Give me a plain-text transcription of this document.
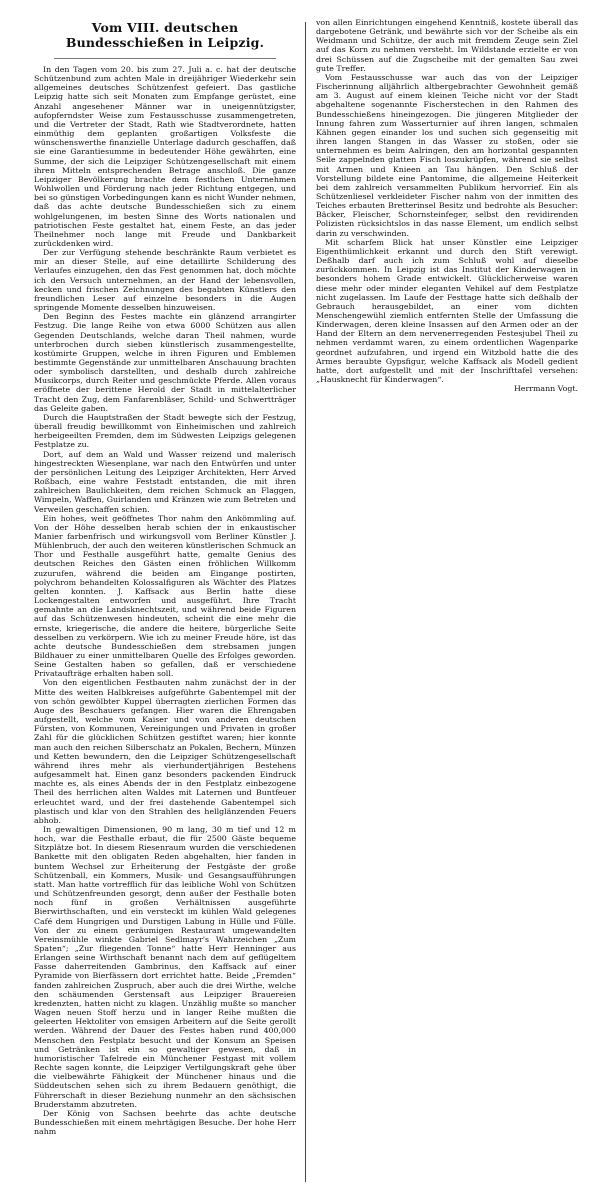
Vom VIII. deutschen Bundesschießen in Leipzig.

In den Tagen vom 20. bis zum 27. Juli a. c. hat der deutsche Schützenbund zum achten Male in dreijähriger Wiederkehr sein allgemeines deutsches Schützenfest gefeiert. Das gastliche Leipzig hatte sich seit Monaten zum Empfange gerüstet, eine Anzahl angesehener Männer war in uneigennützigster, aufopferndster Weise zum Festausschusse zusammengetreten, und die Vertreter der Stadt, Rath wie Stadtverordnete, hatten einmüthig dem geplanten großartigen Volksfeste die wünschenswerthe finanzielle Unterlage dadurch geschaffen, daß sie eine Garantiesumme in bedeutender Höhe gewährten, eine Summe, der sich die Leipziger Schützengesellschaft mit einem ihren Mitteln entsprechenden Betrage anschloß. Die ganze Leipziger Bevölkerung brachte dem festlichen Unternehmen Wohlwollen und Förderung nach jeder Richtung entgegen, und bei so günstigen Vorbedingungen kann es nicht Wunder nehmen, daß das achte deutsche Bundesschießen sich zu einem wohlgelungenen, im besten Sinne des Worts nationalen und patriotischen Feste gestaltet hat, einem Feste, an das jeder Theilnehmer noch lange mit Freude und Dankbarkeit zurückdenken wird.

Der zur Verfügung stehende beschränkte Raum verbietet es mir an dieser Stelle, auf eine detaillirte Schilderung des Verlaufes einzugehen, den das Fest genommen hat, doch möchte ich den Versuch unternehmen, an der Hand der lebensvollen, kecken und frischen Zeichnungen des begabten Künstlers den freundlichen Leser auf einzelne besonders in die Augen springende Momente desselben hinzuweisen.

Den Beginn des Festes machte ein glänzend arrangirter Festzug. Die lange Reihe von etwa 6000 Schützen aus allen Gegenden Deutschlands, welche daran Theil nahmen, wurde unterbrochen durch sieben künstlerisch zusammengestellte, kostümirte Gruppen, welche in ihren Figuren und Emblemen bestimmte Gegenstände zur unmittelbaren Anschauung brachten oder symbolisch darstellten, und deshalb durch zahlreiche Musikcorps, durch Reiter und geschmückte Pferde. Allen voraus eröffnete der berittene Herold der Stadt in mittelalterlicher Tracht den Zug, dem Fanfarenbläser, Schild- und Schwertträger das Geleite gaben.

Durch die Hauptstraßen der Stadt bewegte sich der Festzug, überall freudig bewillkommt von Einheimischen und zahlreich herbeigeeilten Fremden, dem im Südwesten Leipzigs gelegenen Festplatze zu.

Dort, auf dem an Wald und Wasser reizend und malerisch hingestreckten Wiesenplane, war nach den Entwürfen und unter der persönlichen Leitung des Leipziger Architekten, Herr Arved Roßbach, eine wahre Feststadt entstanden, die mit ihren zahlreichen Baulichkeiten, dem reichen Schmuck an Flaggen, Wimpeln, Waffen, Guirlanden und Kränzen wie zum Betreten und Verweilen geschaffen schien.

Ein hohes, weit geöffnetes Thor nahm den Ankömmling auf. Von der Höhe desselben herab schien der in enkaustischer Manier farbenfrisch und wirkungsvoll vom Berliner Künstler J. Mühlenbruch, der auch den weiteren künstlerischen Schmuck an Thor und Festhalle ausgeführt hatte, gemalte Genius des deutschen Reiches den Gästen einen fröhlichen Willkomm zuzurufen, während die beiden am Eingange postirten, polychrom behandelten Kolossalfiguren als Wächter des Platzes gelten konnten. J. Kaffsack aus Berlin hatte diese Lockengestalten entworfen und ausgeführt. Ihre Tracht gemahnte an die Landsknechtszeit, und während beide Figuren auf das Schützenwesen hindeuten, scheint die eine mehr die ernste, kriegerische, die andere die heitere, bürgerliche Seite desselben zu verkörpern. Wie ich zu meiner Freude höre, ist das achte deutsche Bundesschießen dem strebsamen jungen Bildhauer zu einer unmittelbaren Quelle des Erfolges geworden. Seine Gestalten haben so gefallen, daß er verschiedene Privataufträge erhalten haben soll.

Von den eigentlichen Festbauten nahm zunächst der in der Mitte des weiten Halbkreises aufgeführte Gabentempel mit der von schön gewölbter Kuppel überragten zierlichen Formen das Auge des Beschauers gefangen. Hier waren die Ehrengaben aufgestellt, welche vom Kaiser und von anderen deutschen Fürsten, von Kommunen, Vereinigungen und Privaten in großer Zahl für die glücklichen Schützen gestiftet waren; hier konnte man auch den reichen Silberschatz an Pokalen, Bechern, Münzen und Ketten bewundern, den die Leipziger Schützengesellschaft während ihres mehr als vierhundertjährigen Bestehens aufgesammelt hat. Einen ganz besonders packenden Eindruck machte es, als eines Abends der in den Festplatz einbezogene Theil des herrlichen alten Waldes mit Laternen und Buntfeuer erleuchtet ward, und der frei dastehende Gabentempel sich plastisch und klar von den Strahlen des hellglänzenden Feuers abhob.

In gewaltigen Dimensionen, 90 m lang, 30 m tief und 12 m hoch, war die Festhalle erbaut, die für 2500 Gäste bequeme Sitzplätze bot. In diesem Riesenraum wurden die verschiedenen Bankette mit den obligaten Reden abgehalten, hier fanden in buntem Wechsel zur Erheiterung der Festgäste der große Schützenball, ein Kommers, Musik- und Gesangsaufführungen statt. Man hatte vortrefflich für das leibliche Wohl von Schützen und Schützenfreunden gesorgt, denn außer der Festhalle boten noch fünf in großen Verhältnissen ausgeführte Bierwirthschaften, und ein versteckt im kühlen Wald gelegenes Café dem Hungrigen und Durstigen Labung in Hülle und Fülle. Von der zu einem geräumigen Restaurant umgewandelten Vereinsmühle winkte Gabriel Sedlmayr's Wahrzeichen „Zum Spaten“; „Zur fliegenden Tonne“ hatte Herr Henninger aus Erlangen seine Wirthschaft benannt nach dem auf geflügeltem Fasse daherreitenden Gambrinus, den Kaffsack auf einer Pyramide von Bierfässern dort errichtet hatte. Beide „Fremden“ fanden zahlreichen Zuspruch, aber auch die drei Wirthe, welche den schäumenden Gerstensaft aus Leipziger Brauereien kredenzten, hatten nicht zu klagen. Unzählig mußte so mancher Wagen neuen Stoff herzu und in langer Reihe mußten die geleerten Hektoliter von emsigen Arbeitern auf die Seite gerollt werden. Während der Dauer des Festes haben rund 400,000 Menschen den Festplatz besucht und der Konsum an Speisen und Getränken ist ein so gewaltiger gewesen, daß in humoristischer Tafelrede ein Münchener Festgast mit vollem Rechte sagen konnte, die Leipziger Vertilgungskraft gehe über die vielbewährte Fähigkeit der Münchener hinaus und die Süddeutschen sehen sich zu ihrem Bedauern genöthigt, die Führerschaft in dieser Beziehung nunmehr an den sächsischen Bruderstamm abzutreten.

Der König von Sachsen beehrte das achte deutsche Bundesschießen mit einem mehrtägigen Besuche. Der hohe Herr nahm

von allen Einrichtungen eingehend Kenntniß, kostete überall das dargebotene Getränk, und bewährte sich vor der Scheibe als ein Weidmann und Schütze, der auch mit fremdem Zeuge sein Ziel auf das Korn zu nehmen versteht. Im Wildstande erzielte er von drei Schüssen auf die Zugscheibe mit der gemalten Sau zwei gute Treffer.

Vom Festausschusse war auch das von der Leipziger Fischerinnung alljährlich altbergebrachter Gewohnheit gemäß am 3. August auf einem kleinen Teiche nicht vor der Stadt abgehaltene sogenannte Fischerstechen in den Rahmen des Bundesschießens hineingezogen. Die jüngeren Mitglieder der Innung fahren zum Wasserturnier auf ihren langen, schmalen Kähnen gegen einander los und suchen sich gegenseitig mit ihren langen Stangen in das Wasser zu stoßen, oder sie unternehmen es beim Aalringen, den am horizontal gespannten Seile zappelnden glatten Fisch loszukrüpfen, während sie selbst mit Armen und Knieen an Tau hängen. Den Schluß der Vorstellung bildete eine Pantomime, die allgemeine Heiterkeit bei dem zahlreich versammelten Publikum hervorrief. Ein als Schützenliesel verkleideter Fischer nahm von der inmitten des Teiches erbauten Bretterinsel Besitz und bedrohte als Besucher: Bäcker, Fleischer, Schornsteinfeger, selbst den revidirenden Polizisten rücksichtslos in das nasse Element, um endlich selbst darin zu verschwinden.

Mit scharfem Blick hat unser Künstler eine Leipziger Eigenthümlichkeit erkannt und durch den Stift verewigt. Deßhalb darf auch ich zum Schluß wohl auf dieselbe zurückkommen. In Leipzig ist das Institut der Kinderwagen in besonders hohem Grade entwickelt. Glücklicherweise waren diese mehr oder minder eleganten Vehikel auf dem Festplatze nicht zugelassen. Im Laufe der Festtage hatte sich deßhalb der Gebrauch herausgebildet, an einer vom dichten Menschengewühl ziemlich entfernten Stelle der Umfassung die Kinderwagen, deren kleine Insassen auf den Armen oder an der Hand der Eltern an dem nervenerregenden Festesjubel Theil zu nehmen verdammt waren, zu einem ordentlichen Wagenparke geordnet aufzufahren, und irgend ein Witzbold hatte die des Armes beraubte Gypsfigur, welche Kaffsack als Modell gedient hatte, dort aufgestellt und mit der Inschrifttafel versehen: „Hausknecht für Kinderwagen“.

Herrmann Vogt.
